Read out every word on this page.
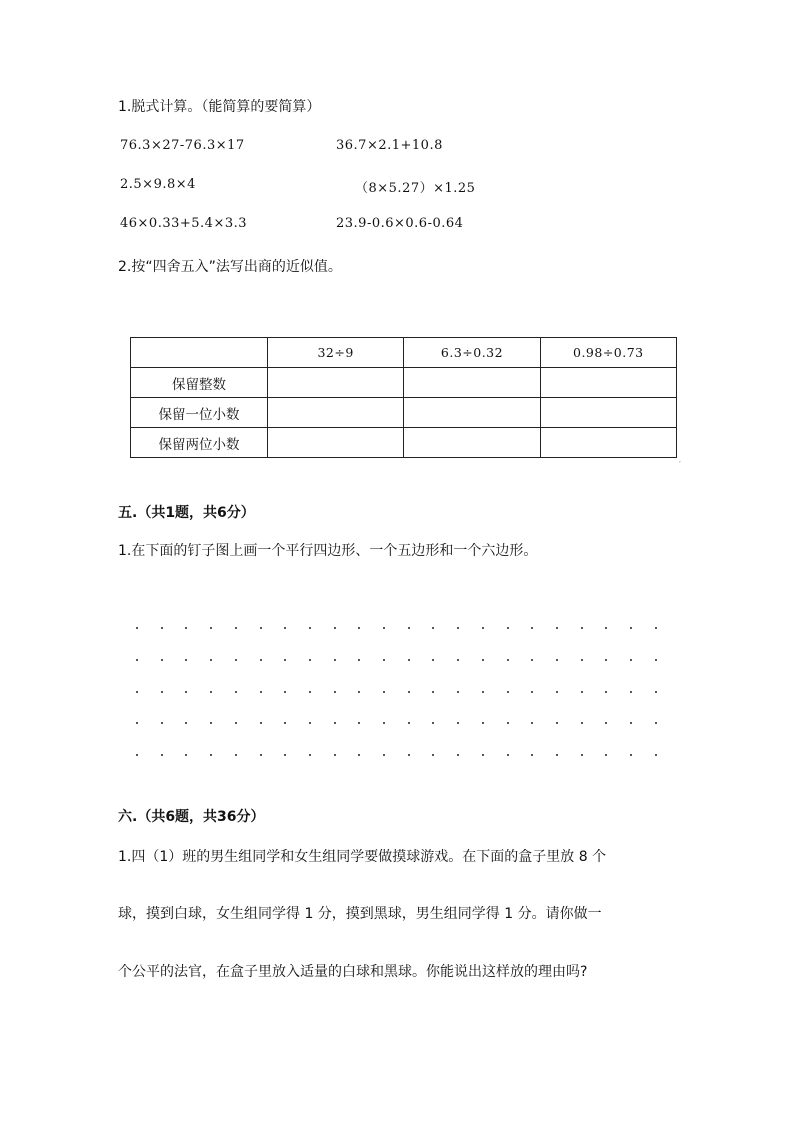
1.脱式计算。（能简算的要简算）
76.3×27-76.3×17	36.7×2.1+10.8
2.5×9.8×4	（8×5.27）×1.25
46×0.33+5.4×3.3	23.9-0.6×0.6-0.64
2.按“四舍五入”法写出商的近似值。
	32÷9	6.3÷0.32	0.98÷0.73
保留整数			
保留一位小数			
保留两位小数			
,
五.（共1题，共6分）
1.在下面的钉子图上画一个平行四边形、一个五边形和一个六边形。
六.（共6题，共36分）
1.四（1）班的男生组同学和女生组同学要做摸球游戏。在下面的盒子里放 8 个
球，摸到白球，女生组同学得 1 分，摸到黑球，男生组同学得 1 分。请你做一
个公平的法官，在盒子里放入适量的白球和黑球。你能说出这样放的理由吗?
